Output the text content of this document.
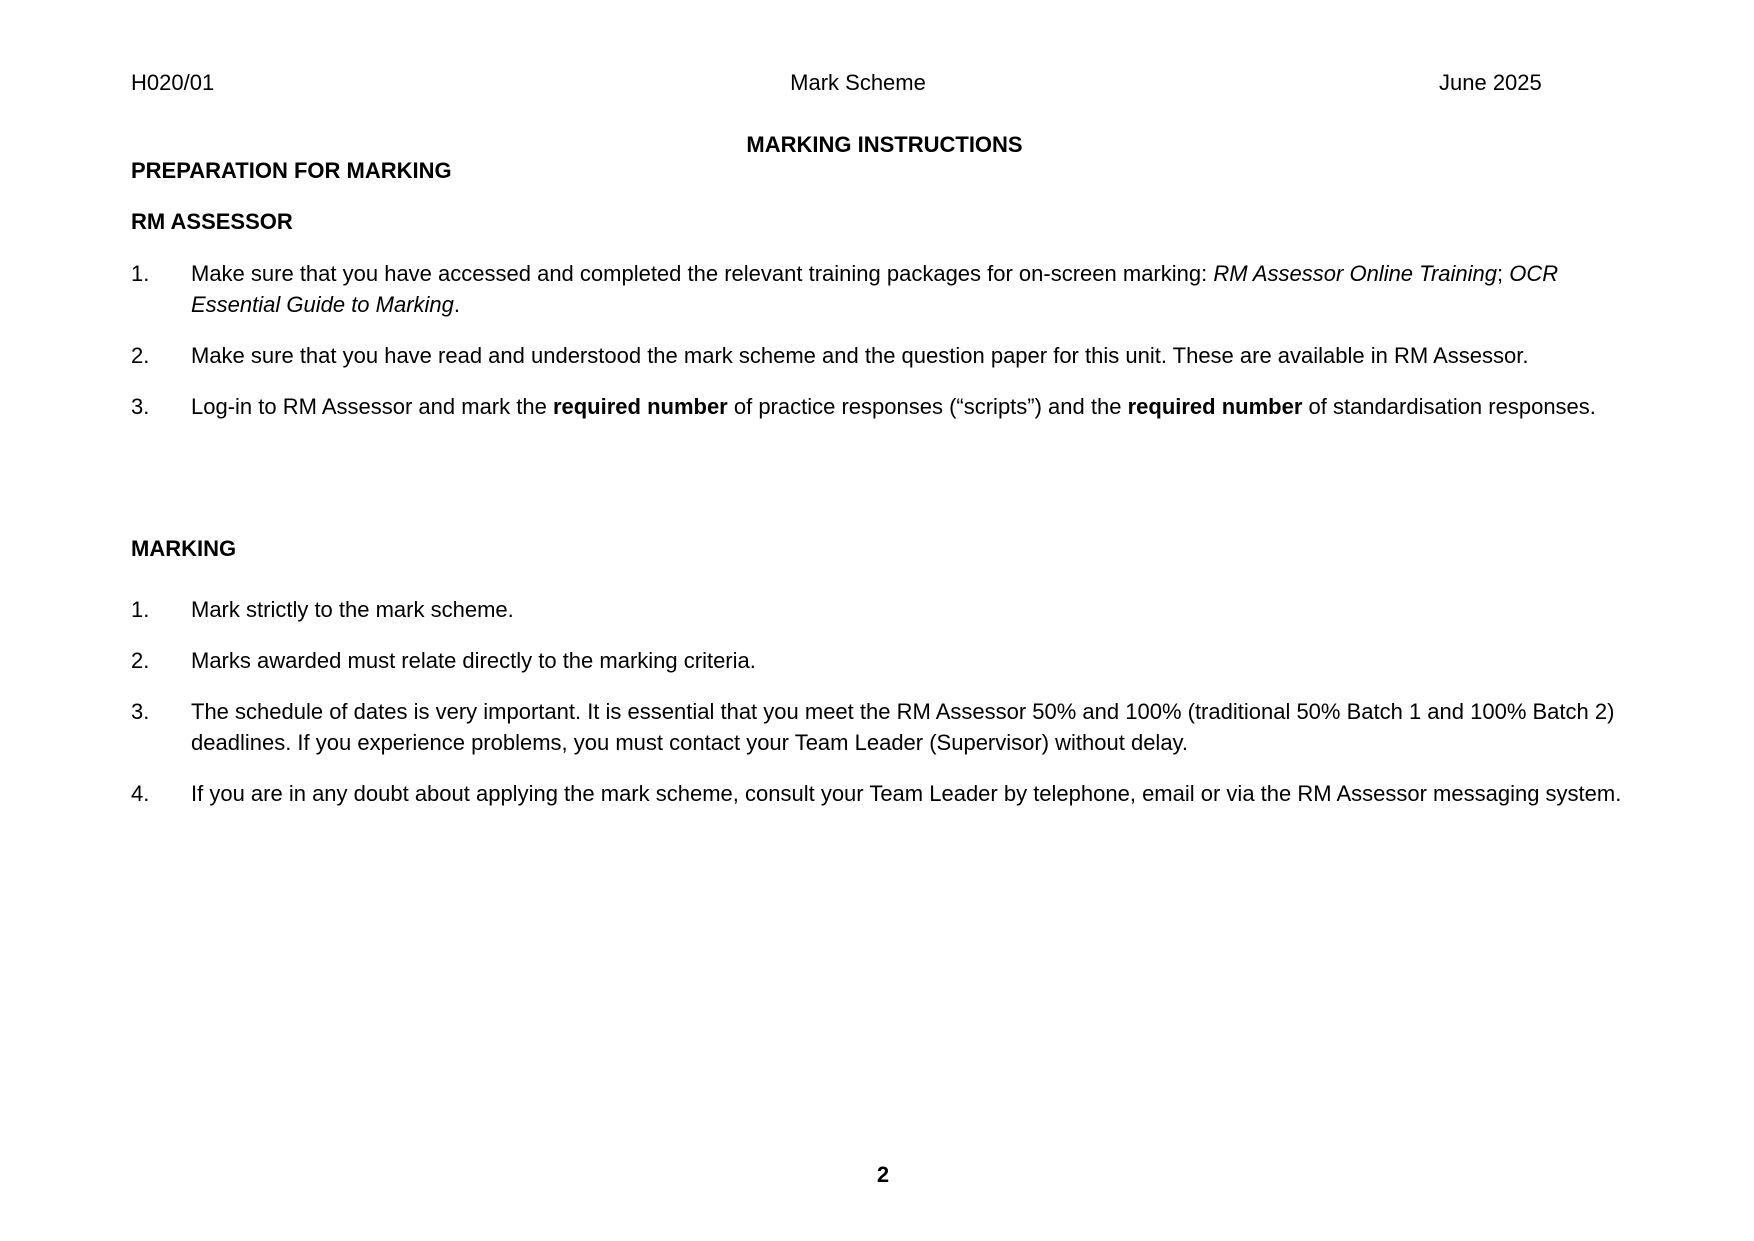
H020/01	Mark Scheme	June 2025
MARKING INSTRUCTIONS
PREPARATION FOR MARKING
RM ASSESSOR
1. Make sure that you have accessed and completed the relevant training packages for on-screen marking: RM Assessor Online Training; OCR Essential Guide to Marking.
2. Make sure that you have read and understood the mark scheme and the question paper for this unit. These are available in RM Assessor.
3. Log-in to RM Assessor and mark the required number of practice responses (“scripts”) and the required number of standardisation responses.
MARKING
1. Mark strictly to the mark scheme.
2. Marks awarded must relate directly to the marking criteria.
3. The schedule of dates is very important. It is essential that you meet the RM Assessor 50% and 100% (traditional 50% Batch 1 and 100% Batch 2) deadlines. If you experience problems, you must contact your Team Leader (Supervisor) without delay.
4. If you are in any doubt about applying the mark scheme, consult your Team Leader by telephone, email or via the RM Assessor messaging system.
2
